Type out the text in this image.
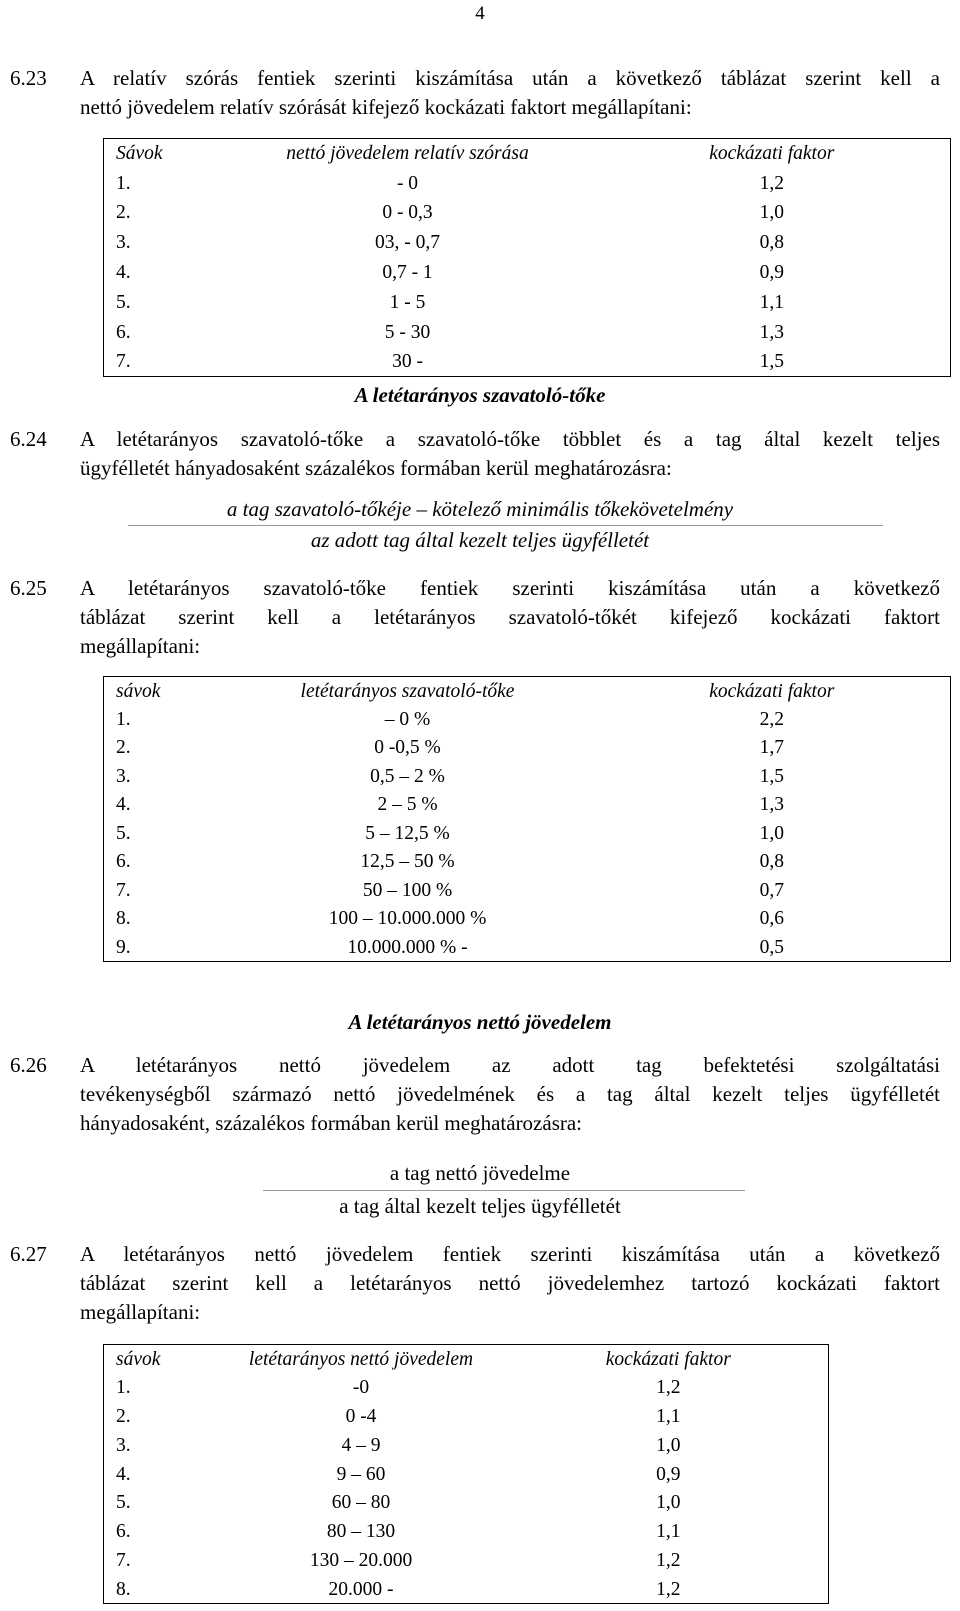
4
6.23 A relatív szórás fentiek szerinti kiszámítása után a következő táblázat szerint kell a
nettó jövedelem relatív szórását kifejező kockázati faktort megállapítani:
Sávok	nettó jövedelem relatív szórása	kockázati faktor
1.	- 0	1,2
2.	0 - 0,3	1,0
3.	03, - 0,7	0,8
4.	0,7 - 1	0,9
5.	1 - 5	1,1
6.	5 - 30	1,3
7.	30 -	1,5
A letétarányos szavatoló-tőke
6.24 A letétarányos szavatoló-tőke a szavatoló-tőke többlet és a tag által kezelt teljes
ügyfélletét hányadosaként százalékos formában kerül meghatározásra:
a tag szavatoló-tőkéje – kötelező minimális tőkekövetelmény
az adott tag által kezelt teljes ügyfélletét
6.25 A letétarányos szavatoló-tőke fentiek szerinti kiszámítása után a következő
táblázat szerint kell a letétarányos szavatoló-tőkét kifejező kockázati faktort
megállapítani:
sávok	letétarányos szavatoló-tőke	kockázati faktor
1.	– 0 %	2,2
2.	0 -0,5 %	1,7
3.	0,5 – 2 %	1,5
4.	2 – 5 %	1,3
5.	5 – 12,5 %	1,0
6.	12,5 – 50 %	0,8
7.	50 – 100 %	0,7
8.	100 – 10.000.000 %	0,6
9.	10.000.000 % -	0,5
A letétarányos nettó jövedelem
6.26 A letétarányos nettó jövedelem az adott tag befektetési szolgáltatási
tevékenységből származó nettó jövedelmének és a tag által kezelt teljes ügyfélletét
hányadosaként, százalékos formában kerül meghatározásra:
a tag nettó jövedelme
a tag által kezelt teljes ügyfélletét
6.27 A letétarányos nettó jövedelem fentiek szerinti kiszámítása után a következő
táblázat szerint kell a letétarányos nettó jövedelemhez tartozó kockázati faktort
megállapítani:
sávok	letétarányos nettó jövedelem	kockázati faktor
1.	-0	1,2
2.	0 -4	1,1
3.	4 – 9	1,0
4.	9 – 60	0,9
5.	60 – 80	1,0
6.	80 – 130	1,1
7.	130 – 20.000	1,2
8.	20.000 -	1,2
